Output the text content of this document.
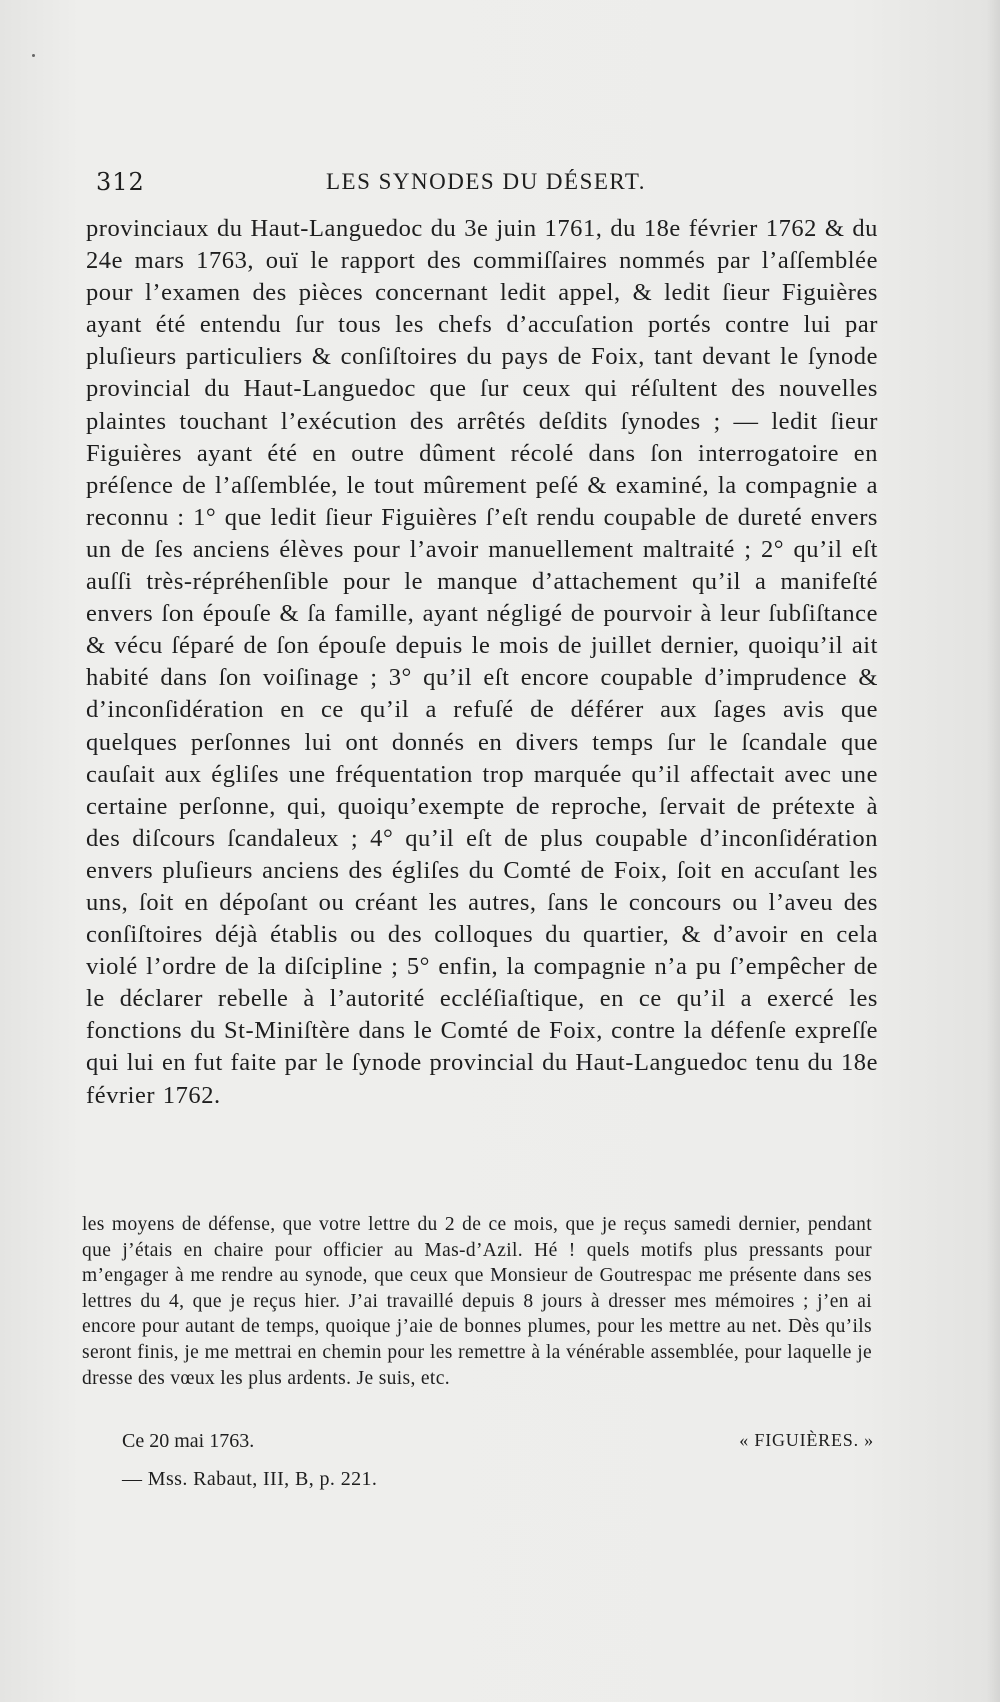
312	LES SYNODES DU DÉSERT.

provinciaux du Haut-Languedoc du 3e juin 1761, du 18e février 1762 & du 24e mars 1763, ouï le rapport des commiſſaires nommés par l’aſſemblée pour l’examen des pièces concernant ledit appel, & ledit ſieur Figuières ayant été entendu ſur tous les chefs d’accuſation portés contre lui par pluſieurs particuliers & conſiſtoires du pays de Foix, tant devant le ſynode provincial du Haut-Languedoc que ſur ceux qui réſultent des nouvelles plaintes touchant l’exécution des arrêtés deſdits ſynodes ; — ledit ſieur Figuières ayant été en outre dûment récolé dans ſon interrogatoire en préſence de l’aſſemblée, le tout mûrement peſé & examiné, la compagnie a reconnu : 1° que ledit ſieur Figuières ſ’eſt rendu coupable de dureté envers un de ſes anciens élèves pour l’avoir manuellement maltraité ; 2° qu’il eſt auſſi très-répréhenſible pour le manque d’attachement qu’il a manifeſté envers ſon épouſe & ſa famille, ayant négligé de pourvoir à leur ſubſiſtance & vécu ſéparé de ſon épouſe depuis le mois de juillet dernier, quoiqu’il ait habité dans ſon voiſinage ; 3° qu’il eſt encore coupable d’imprudence & d’inconſidération en ce qu’il a refuſé de déférer aux ſages avis que quelques perſonnes lui ont donnés en divers temps ſur le ſcandale que cauſait aux égliſes une fréquentation trop marquée qu’il affectait avec une certaine perſonne, qui, quoiqu’exempte de reproche, ſervait de prétexte à des diſcours ſcandaleux ; 4° qu’il eſt de plus coupable d’inconſidération envers pluſieurs anciens des égliſes du Comté de Foix, ſoit en accuſant les uns, ſoit en dépoſant ou créant les autres, ſans le concours ou l’aveu des conſiſtoires déjà établis ou des colloques du quartier, & d’avoir en cela violé l’ordre de la diſcipline ; 5° enfin, la compagnie n’a pu ſ’empêcher de le déclarer rebelle à l’autorité eccléſiaſtique, en ce qu’il a exercé les fonctions du St-Miniſtère dans le Comté de Foix, contre la défenſe expreſſe qui lui en fut faite par le ſynode provincial du Haut-Languedoc tenu du 18e février 1762.

les moyens de défense, que votre lettre du 2 de ce mois, que je reçus samedi dernier, pendant que j’étais en chaire pour officier au Mas-d’Azil. Hé ! quels motifs plus pressants pour m’engager à me rendre au synode, que ceux que Monsieur de Goutrespac me présente dans ses lettres du 4, que je reçus hier. J’ai travaillé depuis 8 jours à dresser mes mémoires ; j’en ai encore pour autant de temps, quoique j’aie de bonnes plumes, pour les mettre au net. Dès qu’ils seront finis, je me mettrai en chemin pour les remettre à la vénérable assemblée, pour laquelle je dresse des vœux les plus ardents. Je suis, etc.

Ce 20 mai 1763.	« FIGUIÈRES. »
— Mss. Rabaut, III, B, p. 221.
